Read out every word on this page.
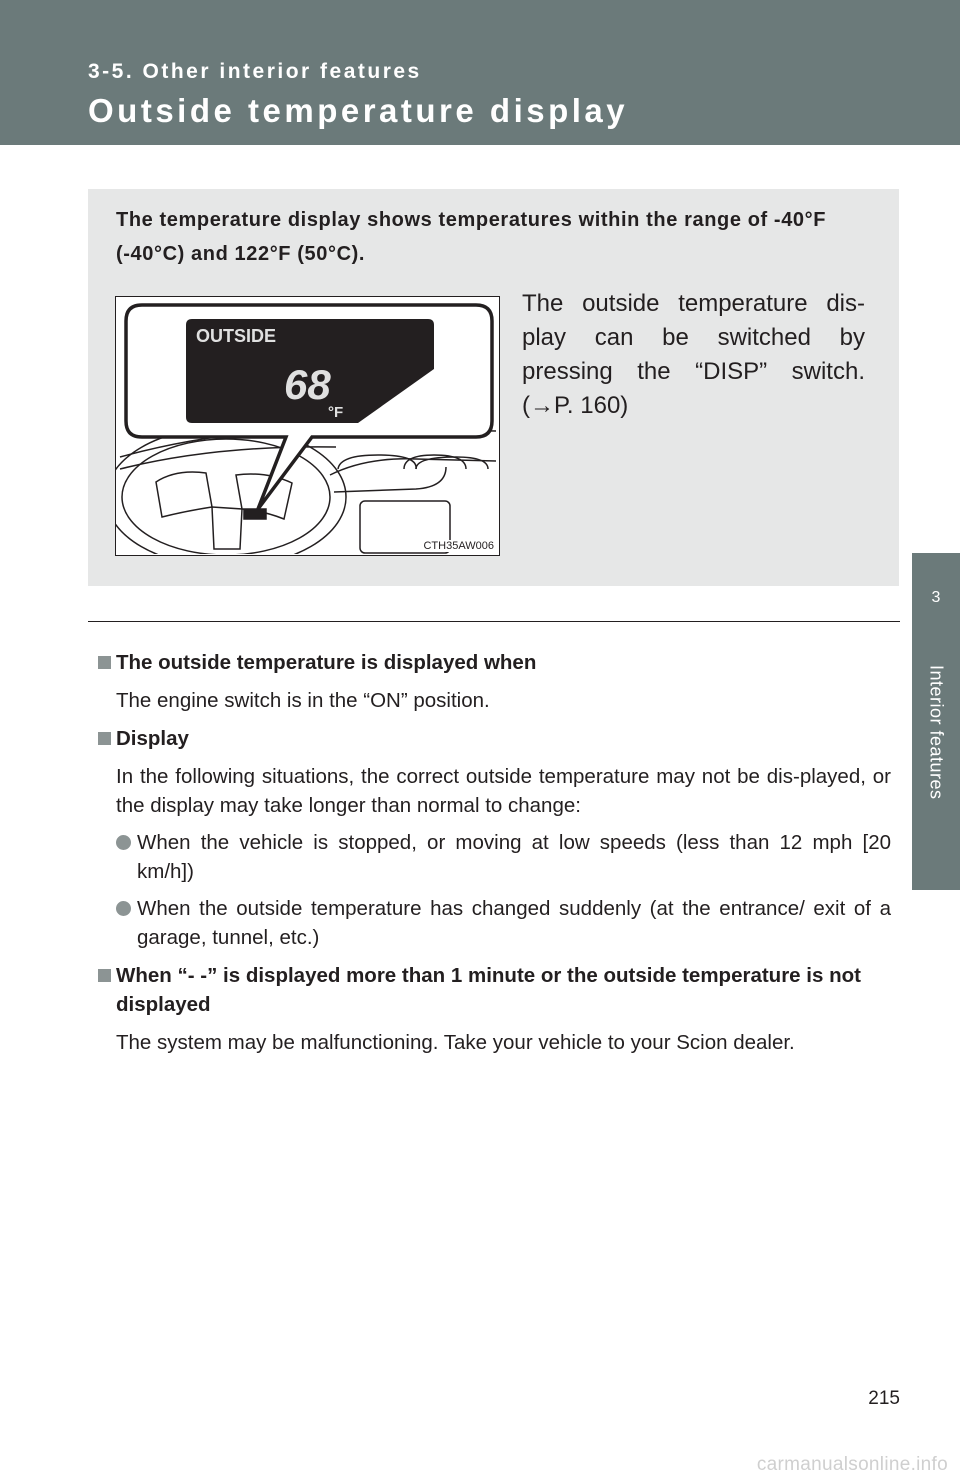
3-5. Other interior features
Outside temperature display
3
Interior features
The temperature display shows temperatures within the range of -40°F (-40°C) and 122°F (50°C).
OUTSIDE
68
°F
CTH35AW006
The outside temperature dis-play can be switched by pressing the “DISP” switch. (→P. 160)
The outside temperature is displayed when
The engine switch is in the “ON” position.
Display
In the following situations, the correct outside temperature may not be dis-played, or the display may take longer than normal to change:
When the vehicle is stopped, or moving at low speeds (less than 12 mph [20 km/h])
When the outside temperature has changed suddenly (at the entrance/ exit of a garage, tunnel, etc.)
When “- -” is displayed more than 1 minute or the outside temperature is not displayed
The system may be malfunctioning. Take your vehicle to your Scion dealer.
215
carmanualsonline.info
